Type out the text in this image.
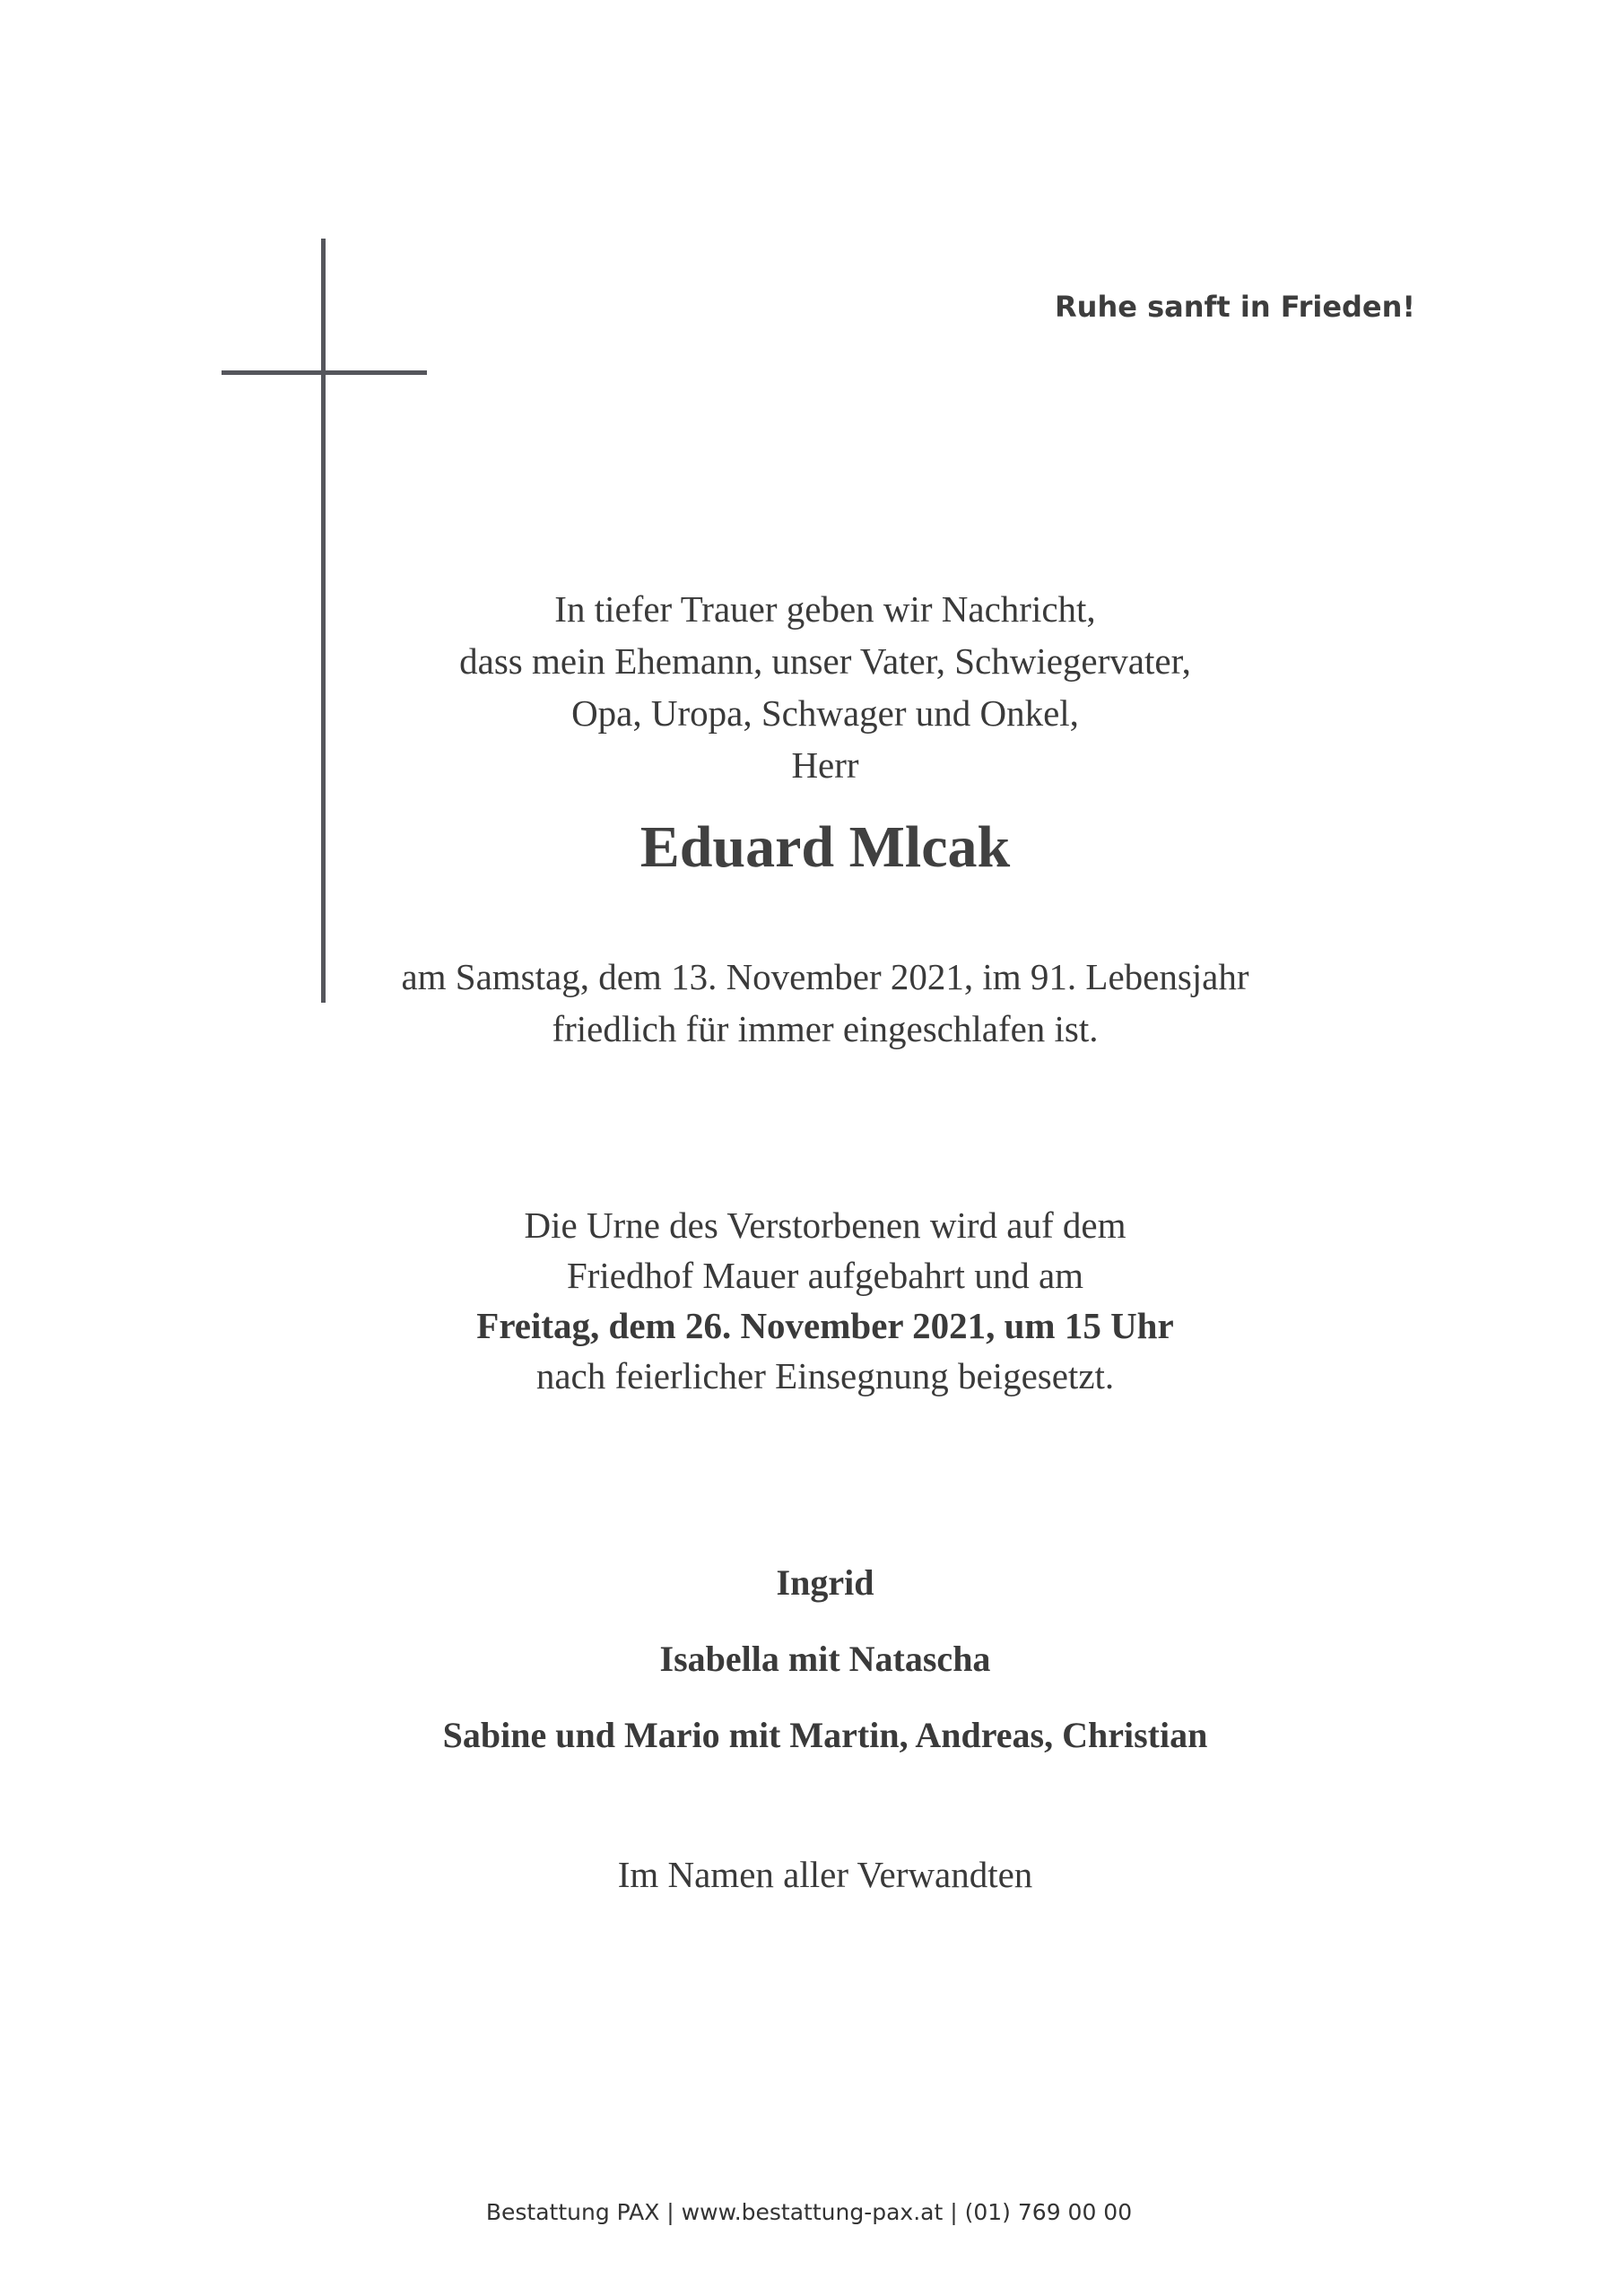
Ruhe sanft in Frieden!
In tiefer Trauer geben wir Nachricht,
dass mein Ehemann, unser Vater, Schwiegervater,
Opa, Uropa, Schwager und Onkel,
Herr
Eduard Mlcak
am Samstag, dem 13. November 2021, im 91. Lebensjahr
friedlich für immer eingeschlafen ist.
Die Urne des Verstorbenen wird auf dem
Friedhof Mauer aufgebahrt und am
Freitag, dem 26. November 2021, um 15 Uhr
nach feierlicher Einsegnung beigesetzt.
Ingrid
Isabella mit Natascha
Sabine und Mario mit Martin, Andreas, Christian
Im Namen aller Verwandten
Bestattung PAX | www.bestattung-pax.at | (01) 769 00 00
